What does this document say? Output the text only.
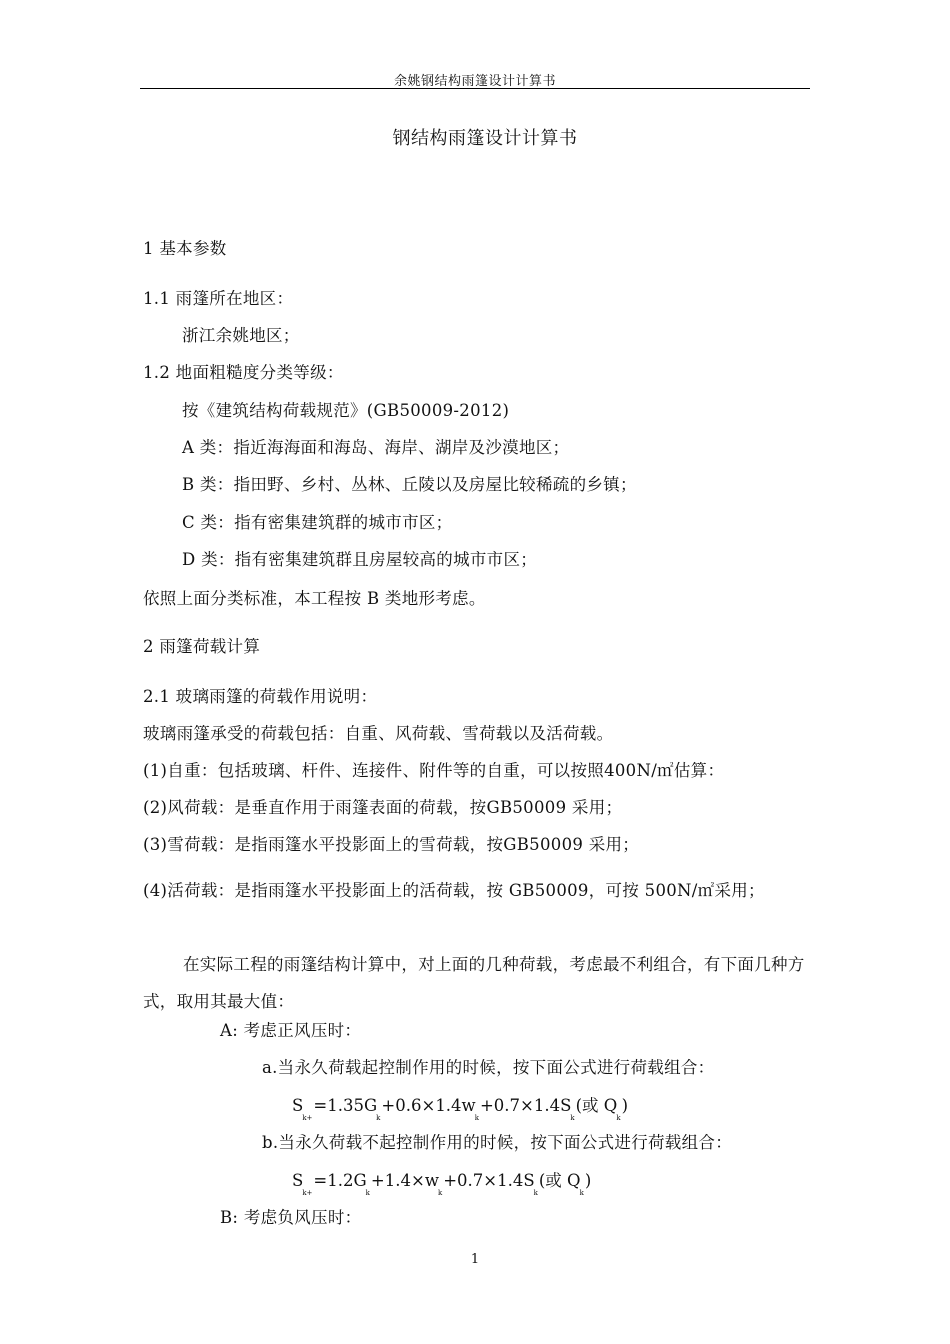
余姚钢结构雨篷设计计算书
钢结构雨篷设计计算书
1 基本参数
1.1 雨篷所在地区：
浙江余姚地区；
1.2 地面粗糙度分类等级：
按《建筑结构荷载规范》(GB50009-2012)
A 类：指近海海面和海岛、海岸、湖岸及沙漠地区；
B 类：指田野、乡村、丛林、丘陵以及房屋比较稀疏的乡镇；
C 类：指有密集建筑群的城市市区；
D 类：指有密集建筑群且房屋较高的城市市区；
依照上面分类标准，本工程按 B 类地形考虑。
2 雨篷荷载计算
2.1 玻璃雨篷的荷载作用说明：
玻璃雨篷承受的荷载包括：自重、风荷载、雪荷载以及活荷载。
(1)自重：包括玻璃、杆件、连接件、附件等的自重，可以按照400N/㎡估算：
(2)风荷载：是垂直作用于雨篷表面的荷载，按GB50009 采用；
(3)雪荷载：是指雨篷水平投影面上的雪荷载，按GB50009 采用；
(4)活荷载：是指雨篷水平投影面上的活荷载，按 GB50009，可按 500N/㎡采用；
在实际工程的雨篷结构计算中，对上面的几种荷载，考虑最不利组合，有下面几种方式，取用其最大值：
A: 考虑正风压时：
a.当永久荷载起控制作用的时候，按下面公式进行荷载组合：
$S_{k+}=1.35G_k+0.6\times 1.4w_k+0.7\times 1.4S_k$(或 $Q_k$)
b.当永久荷载不起控制作用的时候，按下面公式进行荷载组合：
$S_{k+}=1.2G_k+1.4\times w_k+0.7\times 1.4S_k$(或 $Q_k$)
B: 考虑负风压时：
1
